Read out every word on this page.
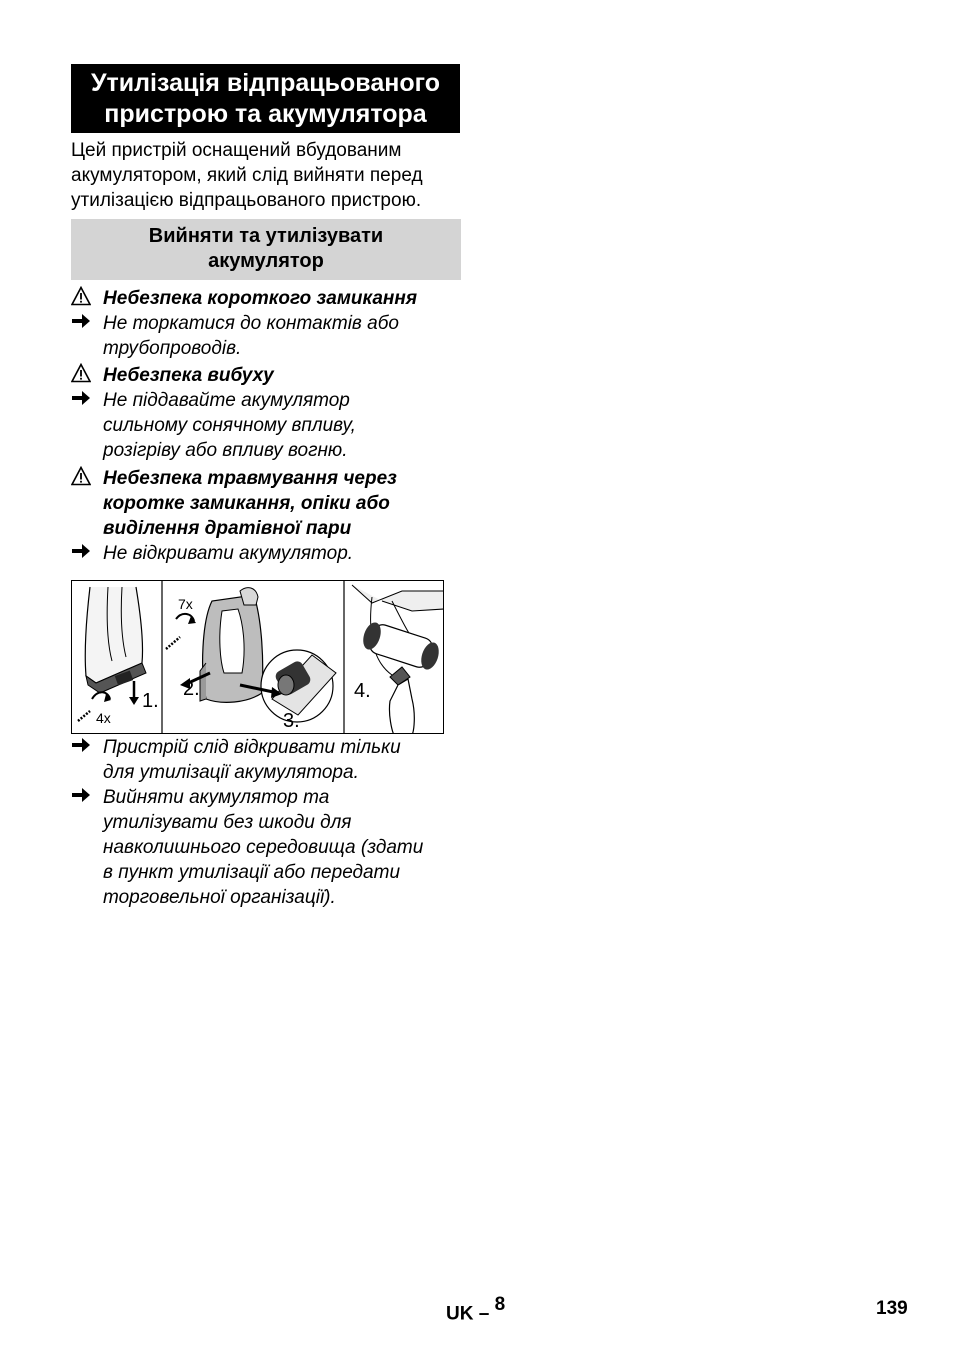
Утилізація відпрацьованого
пристрою та акумулятора
Цей пристрій оснащений вбудованим
акумулятором, який слід вийняти перед
утилізацією відпрацьованого пристрою.
Вийняти та утилізувати
акумулятор
Небезпека короткого замикання
Не торкатися до контактів або
трубопроводів.
Небезпека вибуху
Не піддавайте акумулятор
сильному сонячному впливу,
розігріву або впливу вогню.
Небезпека травмування через
коротке замикання, опіки або
виділення дратівної пари
Не відкривати акумулятор.
4x
7x
1.
2.
3.
4.
Пристрій слід відкривати тільки
для утилізації акумулятора.
Вийняти акумулятор та
утилізувати без шкоди для
навколишнього середовища (здати
в пункт утилізації або передати
торговельної організації).
UK – $^8$	139
